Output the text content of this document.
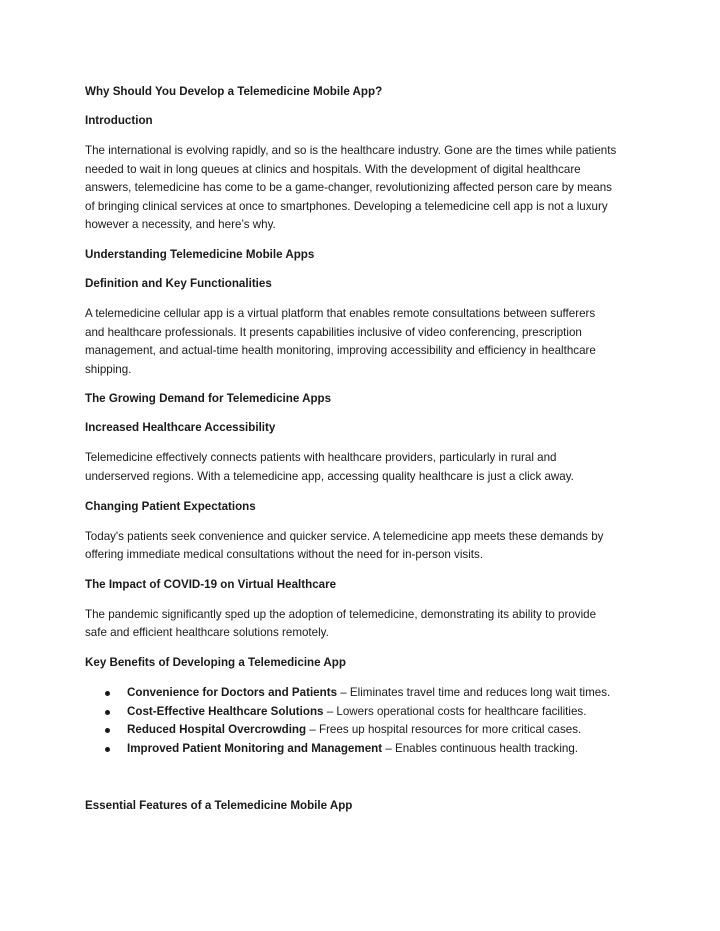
Why Should You Develop a Telemedicine Mobile App?
Introduction
The international is evolving rapidly, and so is the healthcare industry. Gone are the times while patients
needed to wait in long queues at clinics and hospitals. With the development of digital healthcare
answers, telemedicine has come to be a game-changer, revolutionizing affected person care by means
of bringing clinical services at once to smartphones. Developing a telemedicine cell app is not a luxury
however a necessity, and here’s why.
Understanding Telemedicine Mobile Apps
Definition and Key Functionalities
A telemedicine cellular app is a virtual platform that enables remote consultations between sufferers
and healthcare professionals. It presents capabilities inclusive of video conferencing, prescription
management, and actual-time health monitoring, improving accessibility and efficiency in healthcare
shipping.
The Growing Demand for Telemedicine Apps
Increased Healthcare Accessibility
Telemedicine effectively connects patients with healthcare providers, particularly in rural and
underserved regions. With a telemedicine app, accessing quality healthcare is just a click away.
Changing Patient Expectations
Today's patients seek convenience and quicker service. A telemedicine app meets these demands by
offering immediate medical consultations without the need for in-person visits.
The Impact of COVID-19 on Virtual Healthcare
The pandemic significantly sped up the adoption of telemedicine, demonstrating its ability to provide
safe and efficient healthcare solutions remotely.
Key Benefits of Developing a Telemedicine App
Convenience for Doctors and Patients – Eliminates travel time and reduces long wait times.
Cost-Effective Healthcare Solutions – Lowers operational costs for healthcare facilities.
Reduced Hospital Overcrowding – Frees up hospital resources for more critical cases.
Improved Patient Monitoring and Management – Enables continuous health tracking.
Essential Features of a Telemedicine Mobile App
